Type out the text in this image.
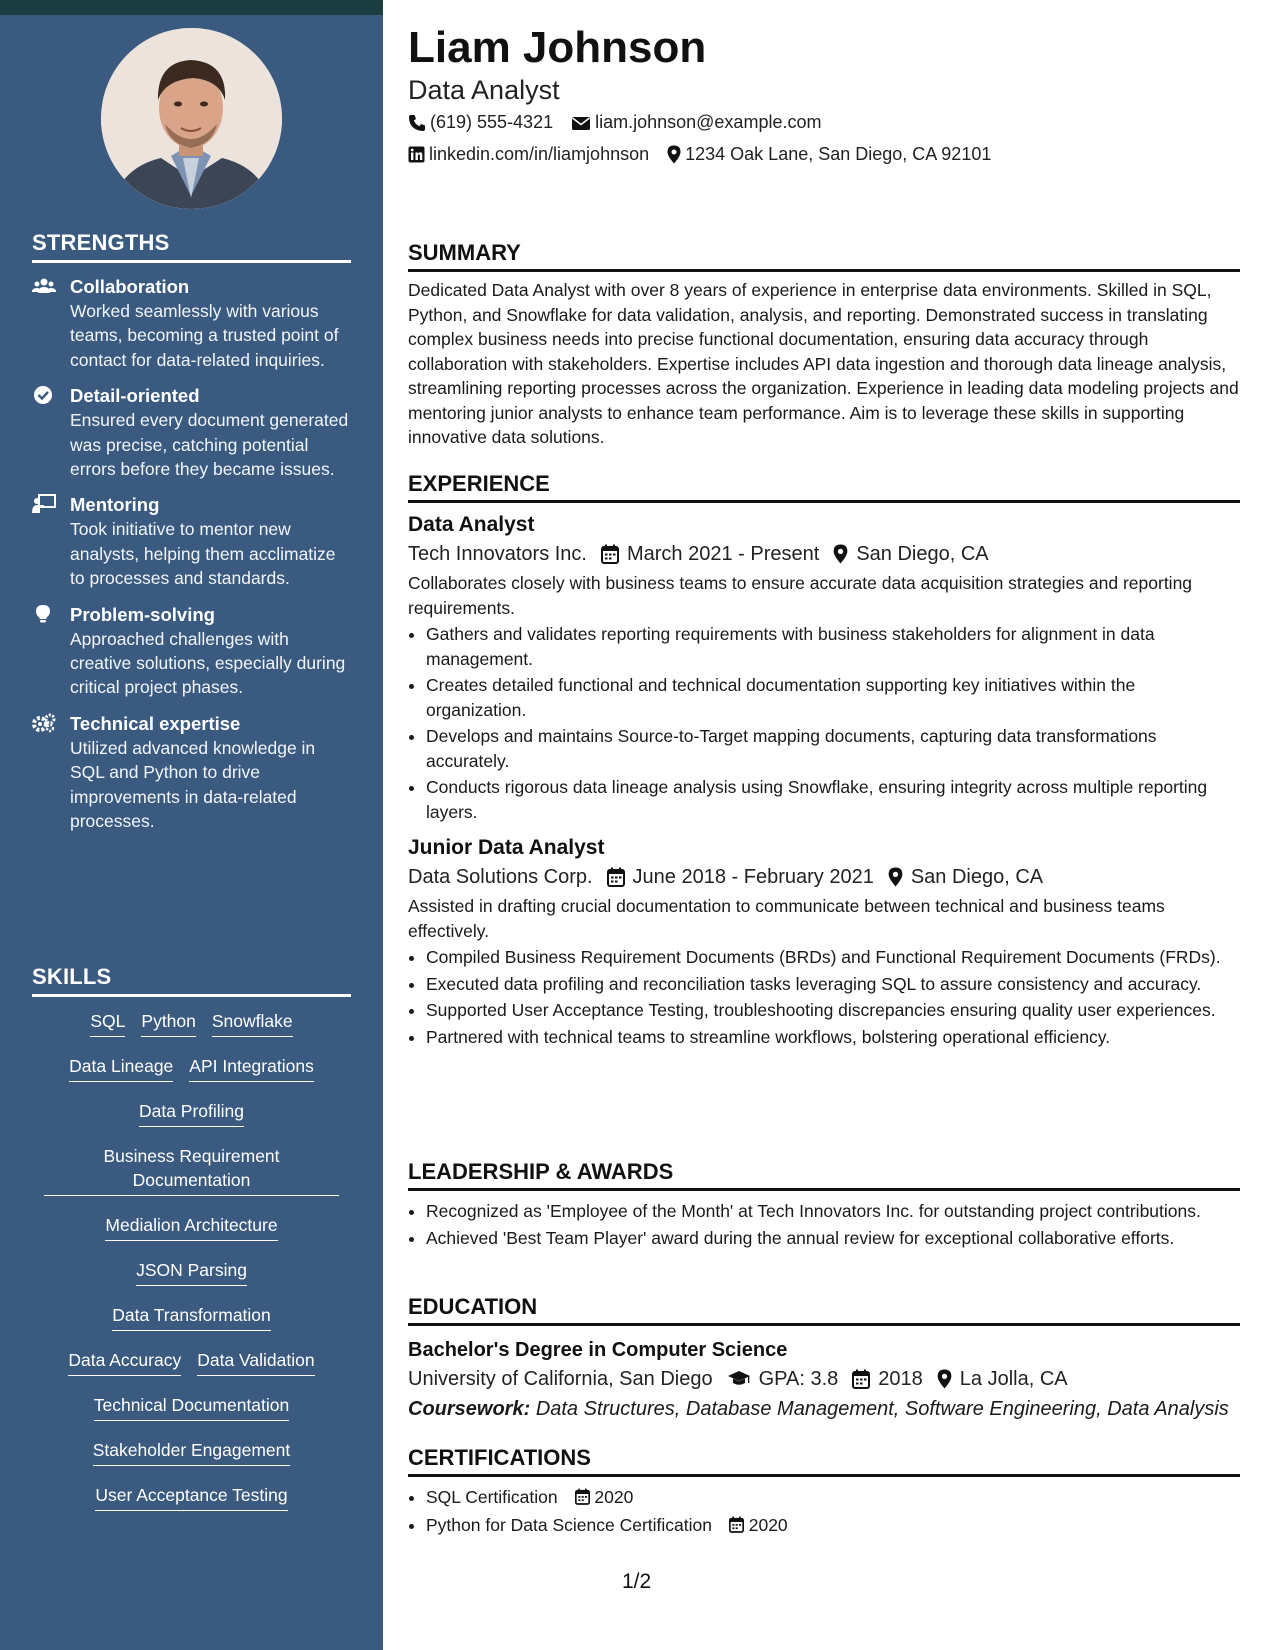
STRENGTHS
Collaboration
Worked seamlessly with various teams, becoming a trusted point of contact for data-related inquiries.
Detail-oriented
Ensured every document generated was precise, catching potential errors before they became issues.
Mentoring
Took initiative to mentor new analysts, helping them acclimatize to processes and standards.
Problem-solving
Approached challenges with creative solutions, especially during critical project phases.
Technical expertise
Utilized advanced knowledge in SQL and Python to drive improvements in data-related processes.
SKILLS
SQL Python Snowflake
Data Lineage API Integrations
Data Profiling
Business Requirement Documentation
Medialion Architecture
JSON Parsing
Data Transformation
Data Accuracy Data Validation
Technical Documentation
Stakeholder Engagement
User Acceptance Testing
Liam Johnson
Data Analyst
(619) 555-4321 liam.johnson@example.com
linkedin.com/in/liamjohnson 1234 Oak Lane, San Diego, CA 92101
SUMMARY

Dedicated Data Analyst with over 8 years of experience in enterprise data environments. Skilled in SQL, Python, and Snowflake for data validation, analysis, and reporting. Demonstrated success in translating complex business needs into precise functional documentation, ensuring data accuracy through collaboration with stakeholders. Expertise includes API data ingestion and thorough data lineage analysis, streamlining reporting processes across the organization. Experience in leading data modeling projects and mentoring junior analysts to enhance team performance. Aim is to leverage these skills in supporting innovative data solutions.

EXPERIENCE
Data Analyst
Tech Innovators Inc. March 2021 - Present San Diego, CA

Collaborates closely with business teams to ensure accurate data acquisition strategies and reporting requirements.

• Gathers and validates reporting requirements with business stakeholders for alignment in data management.
• Creates detailed functional and technical documentation supporting key initiatives within the organization.
• Develops and maintains Source-to-Target mapping documents, capturing data transformations accurately.
• Conducts rigorous data lineage analysis using Snowflake, ensuring integrity across multiple reporting layers.
Junior Data Analyst
Data Solutions Corp. June 2018 - February 2021 San Diego, CA

Assisted in drafting crucial documentation to communicate between technical and business teams effectively.

• Compiled Business Requirement Documents (BRDs) and Functional Requirement Documents (FRDs).
• Executed data profiling and reconciliation tasks leveraging SQL to assure consistency and accuracy.
• Supported User Acceptance Testing, troubleshooting discrepancies ensuring quality user experiences.
• Partnered with technical teams to streamline workflows, bolstering operational efficiency.
LEADERSHIP & AWARDS
• Recognized as 'Employee of the Month' at Tech Innovators Inc. for outstanding project contributions.
• Achieved 'Best Team Player' award during the annual review for exceptional collaborative efforts.
EDUCATION
Bachelor's Degree in Computer Science
University of California, San Diego GPA: 3.8 2018 La Jolla, CA
Coursework: Data Structures, Database Management, Software Engineering, Data Analysis
CERTIFICATIONS
• SQL Certification 2020
• Python for Data Science Certification 2020
1/2
